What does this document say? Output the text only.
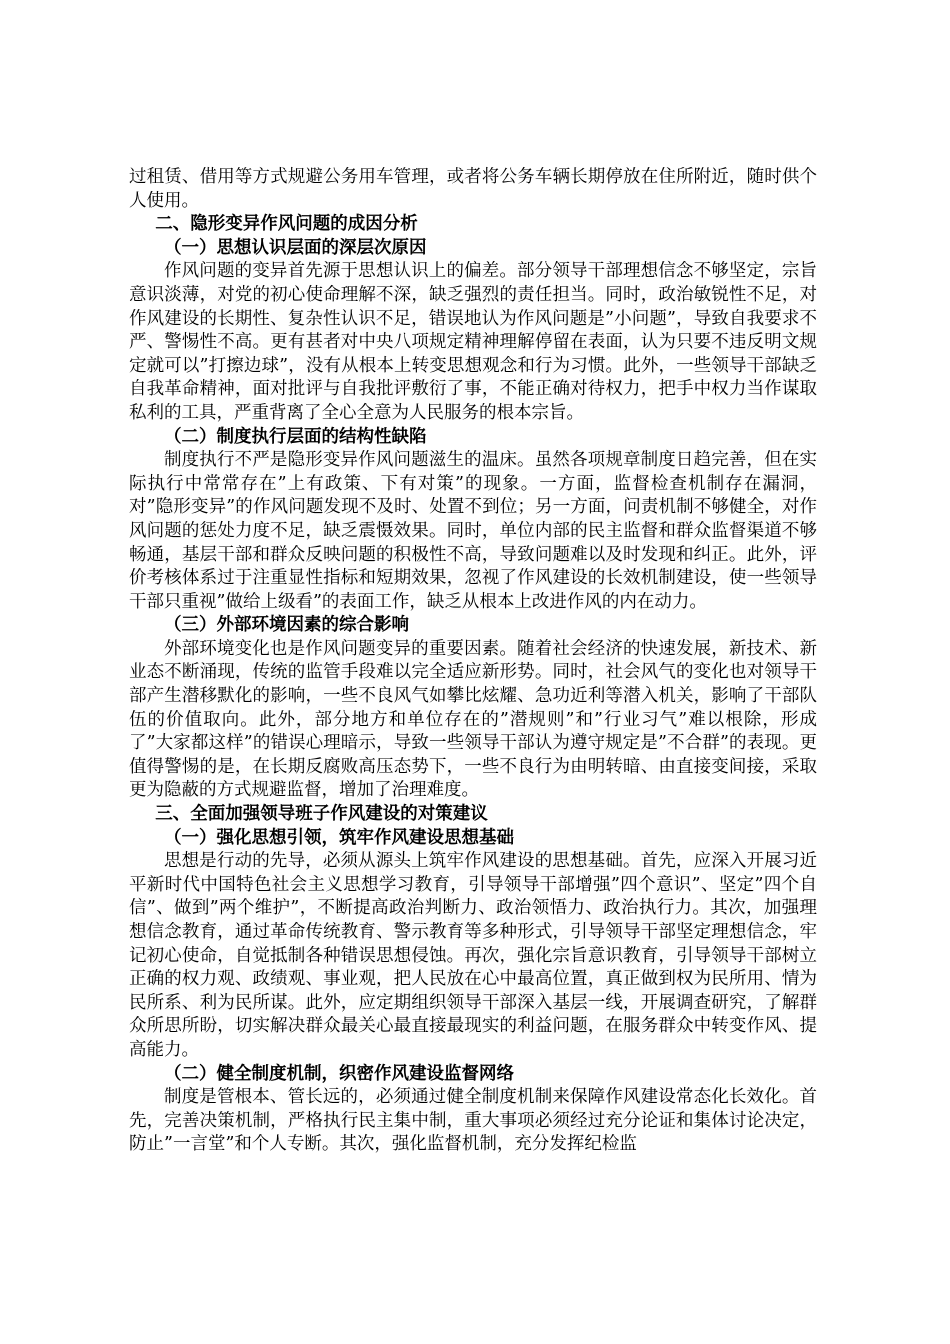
过租赁、借用等方式规避公务用车管理，或者将公务车辆长期停放在住所附近，随时供个人使用。

二、隐形变异作风问题的成因分析

（一）思想认识层面的深层次原因

作风问题的变异首先源于思想认识上的偏差。部分领导干部理想信念不够坚定，宗旨意识淡薄，对党的初心使命理解不深，缺乏强烈的责任担当。同时，政治敏锐性不足，对作风建设的长期性、复杂性认识不足，错误地认为作风问题是”小问题”，导致自我要求不严、警惕性不高。更有甚者对中央八项规定精神理解停留在表面，认为只要不违反明文规定就可以”打擦边球”，没有从根本上转变思想观念和行为习惯。此外，一些领导干部缺乏自我革命精神，面对批评与自我批评敷衍了事，不能正确对待权力，把手中权力当作谋取私利的工具，严重背离了全心全意为人民服务的根本宗旨。

（二）制度执行层面的结构性缺陷

制度执行不严是隐形变异作风问题滋生的温床。虽然各项规章制度日趋完善，但在实际执行中常常存在”上有政策、下有对策”的现象。一方面，监督检查机制存在漏洞，对”隐形变异”的作风问题发现不及时、处置不到位；另一方面，问责机制不够健全，对作风问题的惩处力度不足，缺乏震慑效果。同时，单位内部的民主监督和群众监督渠道不够畅通，基层干部和群众反映问题的积极性不高，导致问题难以及时发现和纠正。此外，评价考核体系过于注重显性指标和短期效果，忽视了作风建设的长效机制建设，使一些领导干部只重视”做给上级看”的表面工作，缺乏从根本上改进作风的内在动力。

（三）外部环境因素的综合影响

外部环境变化也是作风问题变异的重要因素。随着社会经济的快速发展，新技术、新业态不断涌现，传统的监管手段难以完全适应新形势。同时，社会风气的变化也对领导干部产生潜移默化的影响，一些不良风气如攀比炫耀、急功近利等潜入机关，影响了干部队伍的价值取向。此外，部分地方和单位存在的”潜规则”和”行业习气”难以根除，形成了”大家都这样”的错误心理暗示，导致一些领导干部认为遵守规定是”不合群”的表现。更值得警惕的是，在长期反腐败高压态势下，一些不良行为由明转暗、由直接变间接，采取更为隐蔽的方式规避监督，增加了治理难度。

三、全面加强领导班子作风建设的对策建议

（一）强化思想引领，筑牢作风建设思想基础

思想是行动的先导，必须从源头上筑牢作风建设的思想基础。首先，应深入开展习近平新时代中国特色社会主义思想学习教育，引导领导干部增强”四个意识”、坚定”四个自信”、做到”两个维护”，不断提高政治判断力、政治领悟力、政治执行力。其次，加强理想信念教育，通过革命传统教育、警示教育等多种形式，引导领导干部坚定理想信念，牢记初心使命，自觉抵制各种错误思想侵蚀。再次，强化宗旨意识教育，引导领导干部树立正确的权力观、政绩观、事业观，把人民放在心中最高位置，真正做到权为民所用、情为民所系、利为民所谋。此外，应定期组织领导干部深入基层一线，开展调查研究，了解群众所思所盼，切实解决群众最关心最直接最现实的利益问题，在服务群众中转变作风、提高能力。

（二）健全制度机制，织密作风建设监督网络

制度是管根本、管长远的，必须通过健全制度机制来保障作风建设常态化长效化。首先，完善决策机制，严格执行民主集中制，重大事项必须经过充分论证和集体讨论决定，防止”一言堂”和个人专断。其次，强化监督机制，充分发挥纪检监
